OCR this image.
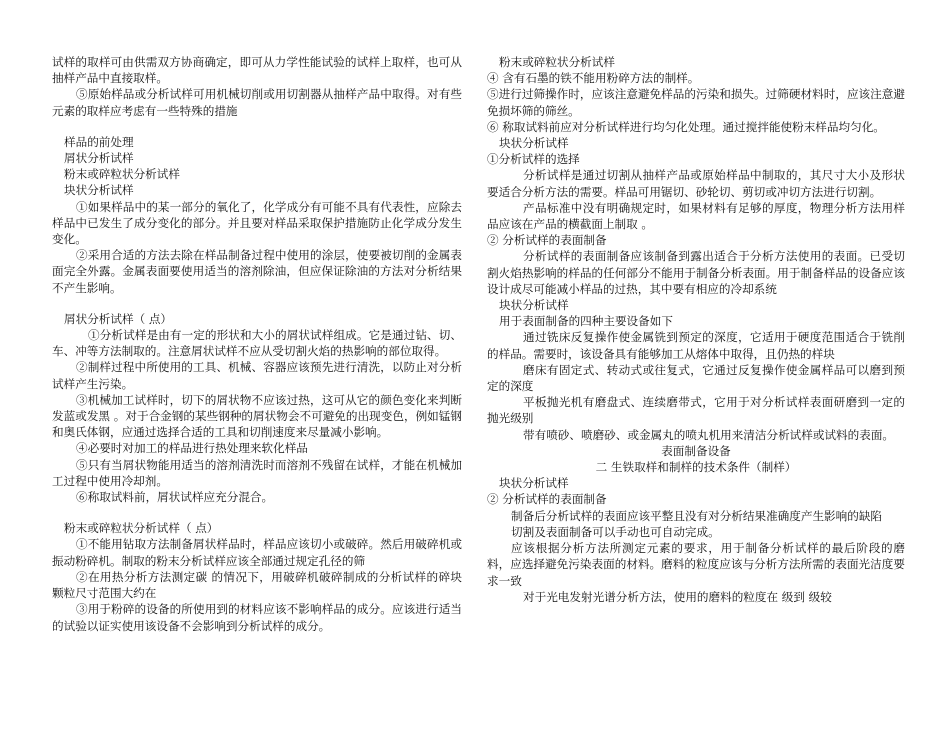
试样的取样可由供需双方协商确定，即可从力学性能试验的试样上取样，也可从抽样产品中直接取样。
⑤原始样品或分析试样可用机械切削或用切割器从抽样产品中取得。对有些元素的取样应考虑有一些特殊的措施
样品的前处理
屑状分析试样
粉末或碎粒状分析试样
块状分析试样
①如果样品中的某一部分的氧化了，化学成分有可能不具有代表性，应除去样品中已发生了成分变化的部分。并且要对样品采取保护措施防止化学成分发生变化。
②采用合适的方法去除在样品制备过程中使用的涂层，使要被切削的金属表面完全外露。金属表面要使用适当的溶剂除油，但应保证除油的方法对分析结果不产生影响。
屑状分析试样（ 点）
①分析试样是由有一定的形状和大小的屑状试样组成。它是通过钻、切、车、冲等方法制取的。注意屑状试样不应从受切割火焰的热影响的部位取得。
②制样过程中所使用的工具、机械、容器应该预先进行清洗，以防止对分析试样产生污染。
③机械加工试样时，切下的屑状物不应该过热，这可从它的颜色变化来判断 发蓝或发黑 。对于合金钢的某些钢种的屑状物会不可避免的出现变色，例如锰钢和奥氏体钢，应通过选择合适的工具和切削速度来尽量减小影响。
④必要时对加工的样品进行热处理来软化样品
⑤只有当屑状物能用适当的溶剂清洗时而溶剂不残留在试样，才能在机械加工过程中使用冷却剂。
⑥称取试料前，屑状试样应充分混合。
粉末或碎粒状分析试样（ 点）
①不能用钻取方法制备屑状样品时，样品应该切小或破碎。然后用破碎机或振动粉碎机。制取的粉末分析试样应该全部通过规定孔径的筛
②在用热分析方法测定碳 的情况下，用破碎机破碎制成的分析试样的碎块颗粒尺寸范围大约在
③用于粉碎的设备的所使用到的材料应该不影响样品的成分。应该进行适当的试验以证实使用该设备不会影响到分析试样的成分。
粉末或碎粒状分析试样
④ 含有石墨的铁不能用粉碎方法的制样。
⑤进行过筛操作时，应该注意避免样品的污染和损失。过筛硬材料时，应该注意避免损坏筛的筛丝。
⑥ 称取试料前应对分析试样进行均匀化处理。通过搅拌能使粉末样品均匀化。
块状分析试样
①分析试样的选择
分析试样是通过切割从抽样产品或原始样品中制取的，其尺寸大小及形状要适合分析方法的需要。样品可用锯切、砂轮切、剪切或冲切方法进行切割。
产品标准中没有明确规定时，如果材料有足够的厚度，物理分析方法用样品应该在产品的横截面上制取 。
② 分析试样的表面制备
分析试样的表面制备应该制备到露出适合于分析方法使用的表面。已受切割火焰热影响的样品的任何部分不能用于制备分析表面。用于制备样品的设备应该设计成尽可能减小样品的过热，其中要有相应的冷却系统
块状分析试样
用于表面制备的四种主要设备如下
通过铣床反复操作使金属铣到预定的深度，它适用于硬度范围适合于铣削的样品。需要时，该设备具有能够加工从熔体中取得，且仍热的样块
磨床有固定式、转动式或往复式，它通过反复操作使金属样品可以磨到预定的深度
平板抛光机有磨盘式、连续磨带式，它用于对分析试样表面研磨到一定的抛光级别
带有喷砂、喷磨砂、或金属丸的喷丸机用来清洁分析试样或试料的表面。
表面制备设备
二 生铁取样和制样的技术条件（制样）
块状分析试样
② 分析试样的表面制备
制备后分析试样的表面应该平整且没有对分析结果准确度产生影响的缺陷
切割及表面制备可以手动也可自动完成。
应该根据分析方法所测定元素的要求，用于制备分析试样的最后阶段的磨料，应选择避免污染表面的材料。磨料的粒度应该与分析方法所需的表面光洁度要求一致
对于光电发射光谱分析方法，使用的磨料的粒度在 级到 级较
